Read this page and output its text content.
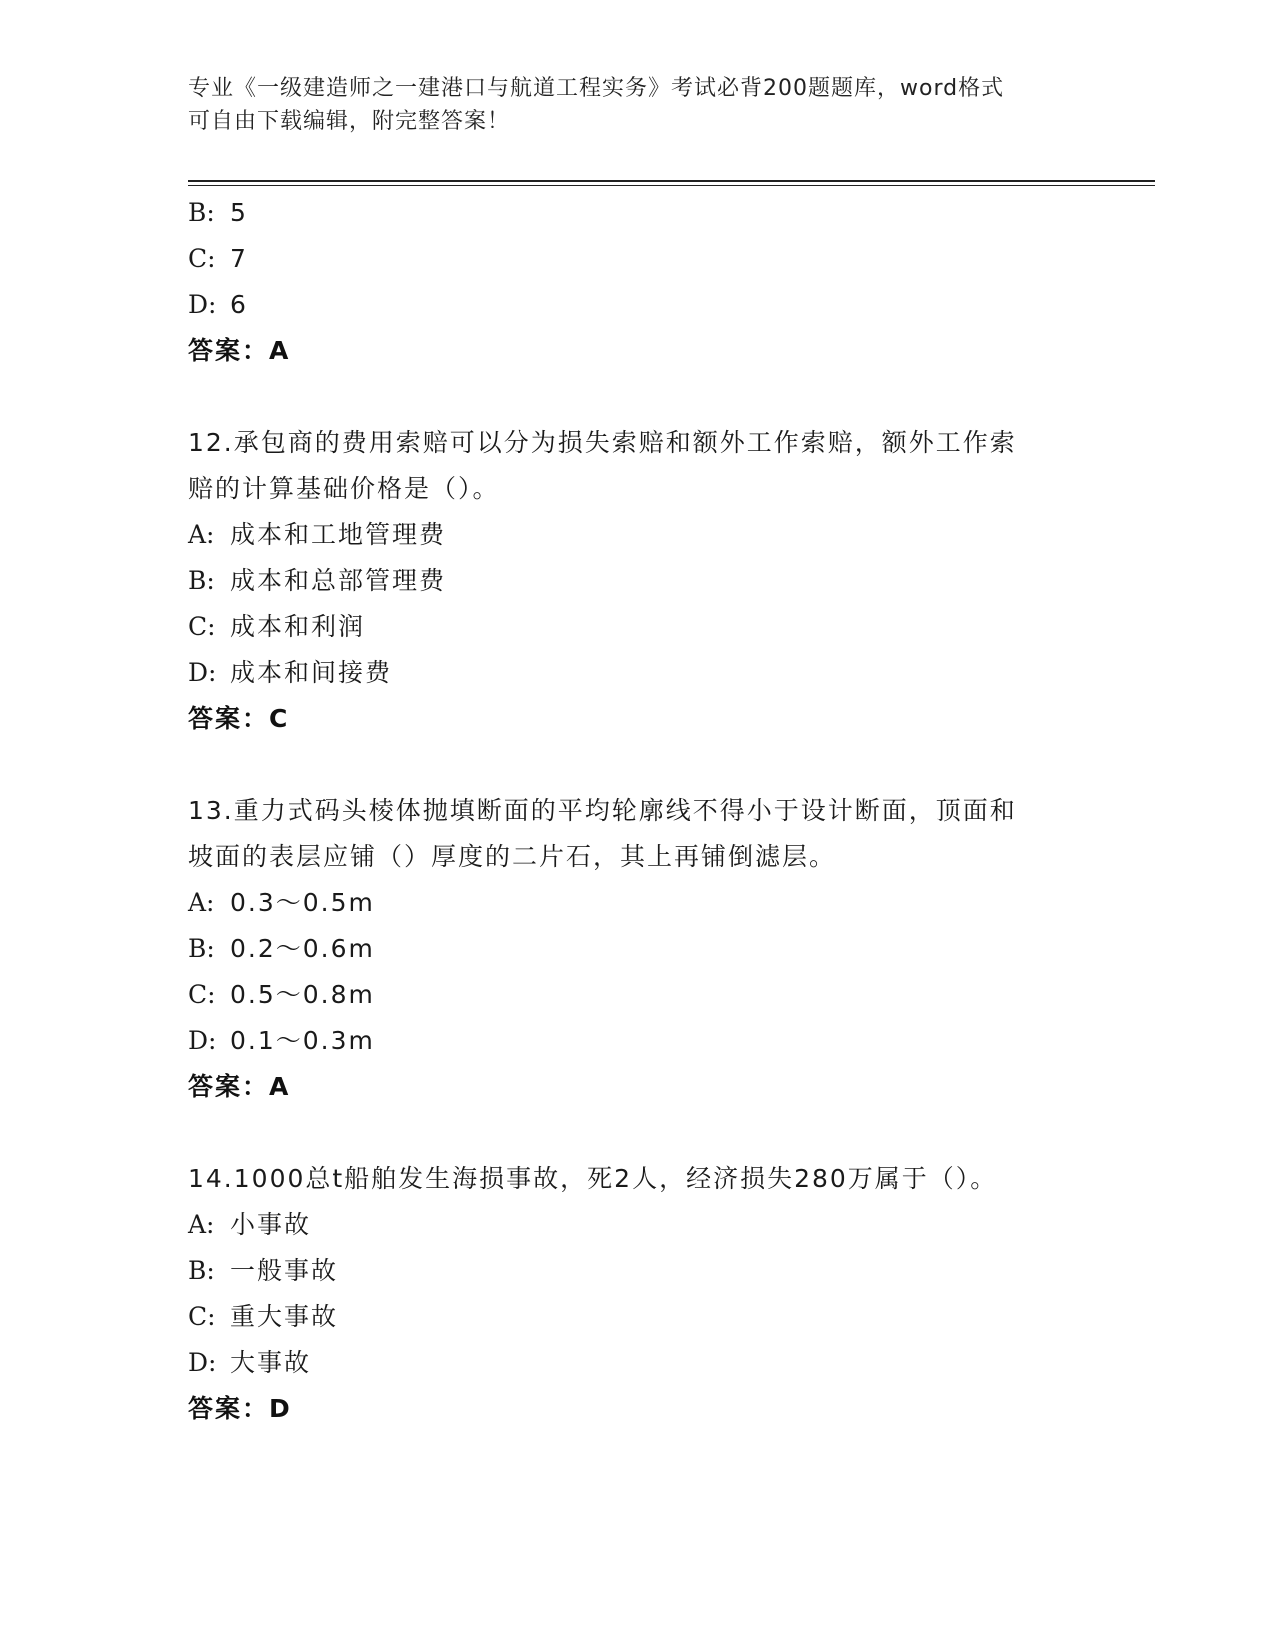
专业《一级建造师之一建港口与航道工程实务》考试必背200题题库，word格式
可自由下载编辑，附完整答案！
B: 5
C: 7
D: 6
答案：A
12.承包商的费用索赔可以分为损失索赔和额外工作索赔，额外工作索
赔的计算基础价格是（）。
A: 成本和工地管理费
B: 成本和总部管理费
C: 成本和利润
D: 成本和间接费
答案：C
13.重力式码头棱体抛填断面的平均轮廓线不得小于设计断面，顶面和
坡面的表层应铺（）厚度的二片石，其上再铺倒滤层。
A: 0.3～0.5m
B: 0.2～0.6m
C: 0.5～0.8m
D: 0.1～0.3m
答案：A
14.1000总t船舶发生海损事故，死2人，经济损失280万属于（）。
A: 小事故
B: 一般事故
C: 重大事故
D: 大事故
答案：D
